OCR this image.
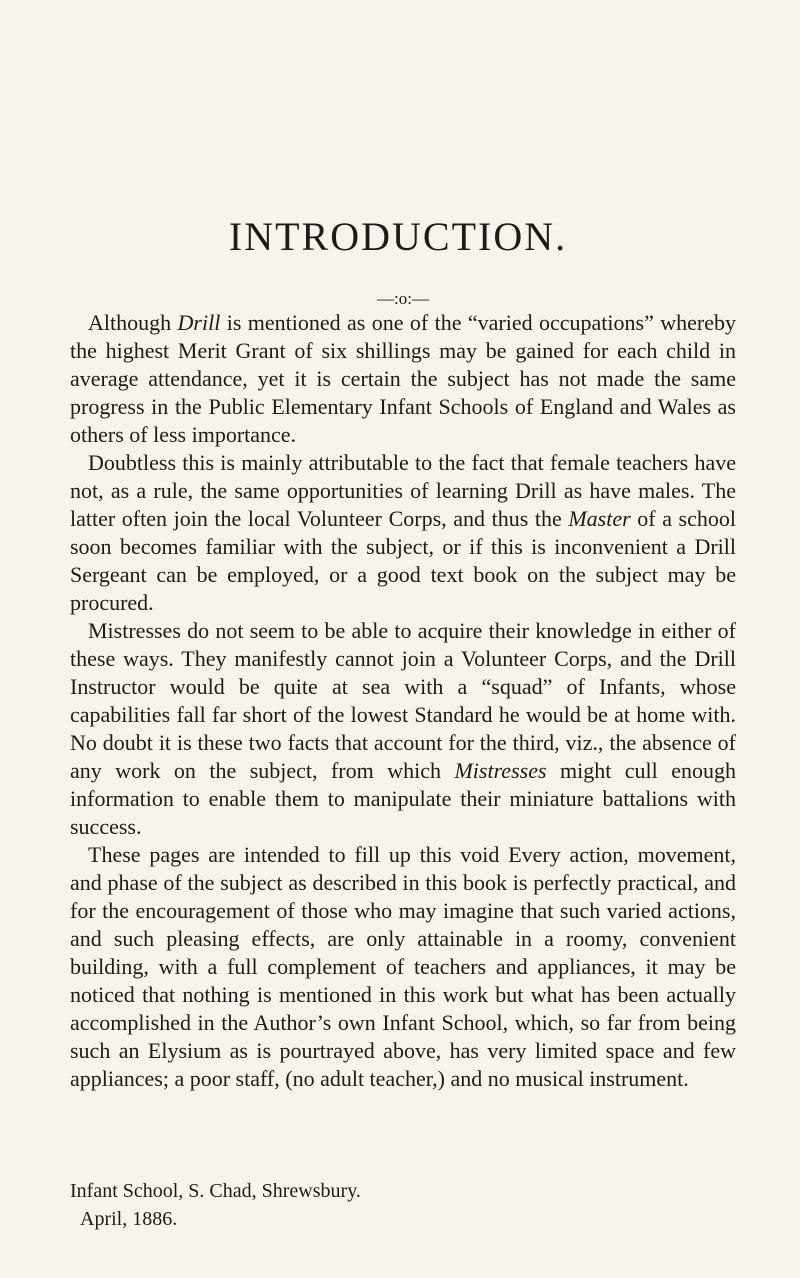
INTRODUCTION.
—:o:—

Although Drill is mentioned as one of the “varied occupations” whereby the highest Merit Grant of six shillings may be gained for each child in average attendance, yet it is certain the subject has not made the same progress in the Public Elementary Infant Schools of England and Wales as others of less importance.

Doubtless this is mainly attributable to the fact that female teachers have not, as a rule, the same opportunities of learning Drill as have males. The latter often join the local Volunteer Corps, and thus the Master of a school soon becomes familiar with the subject, or if this is inconvenient a Drill Sergeant can be employed, or a good text book on the subject may be procured.

Mistresses do not seem to be able to acquire their knowledge in either of these ways. They manifestly cannot join a Volunteer Corps, and the Drill Instructor would be quite at sea with a “squad” of Infants, whose capabilities fall far short of the lowest Standard he would be at home with. No doubt it is these two facts that account for the third, viz., the absence of any work on the subject, from which Mistresses might cull enough information to enable them to manipulate their miniature battalions with success.

These pages are intended to fill up this void Every action, movement, and phase of the subject as described in this book is perfectly practical, and for the encouragement of those who may imagine that such varied actions, and such pleasing effects, are only attainable in a roomy, convenient building, with a full complement of teachers and appliances, it may be noticed that nothing is mentioned in this work but what has been actually accomplished in the Author’s own Infant School, which, so far from being such an Elysium as is pourtrayed above, has very limited space and few appliances; a poor staff, (no adult teacher,) and no musical instrument.

Infant School, S. Chad, Shrewsbury.
April, 1886.
